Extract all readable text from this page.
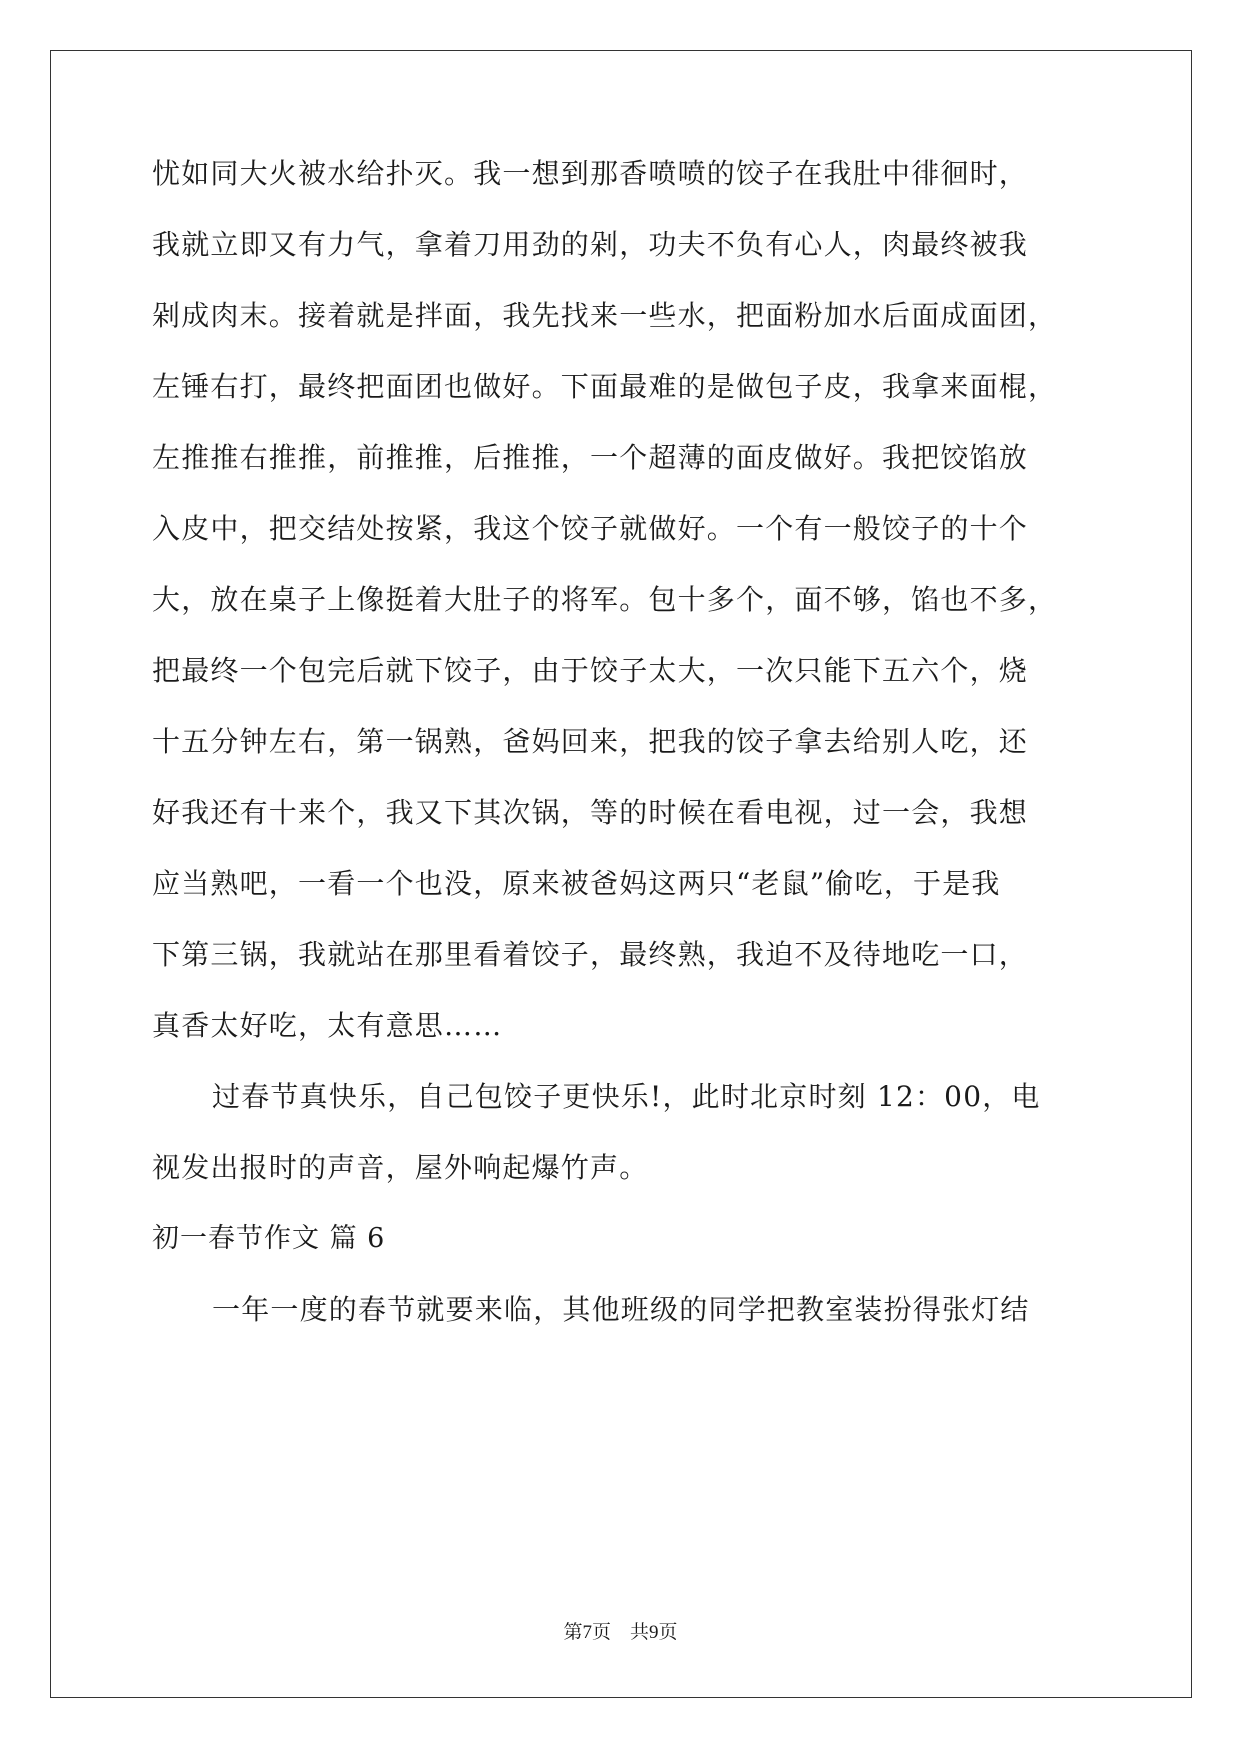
忧如同大火被水给扑灭。我一想到那香喷喷的饺子在我肚中徘徊时，
我就立即又有力气，拿着刀用劲的剁，功夫不负有心人，肉最终被我
剁成肉末。接着就是拌面，我先找来一些水，把面粉加水后面成面团，
左锤右打，最终把面团也做好。下面最难的是做包子皮，我拿来面棍，
左推推右推推，前推推，后推推，一个超薄的面皮做好。我把饺馅放
入皮中，把交结处按紧，我这个饺子就做好。一个有一般饺子的十个
大，放在桌子上像挺着大肚子的将军。包十多个，面不够，馅也不多，
把最终一个包完后就下饺子，由于饺子太大，一次只能下五六个，烧
十五分钟左右，第一锅熟，爸妈回来，把我的饺子拿去给别人吃，还
好我还有十来个，我又下其次锅，等的时候在看电视，过一会，我想
应当熟吧，一看一个也没，原来被爸妈这两只“老鼠”偷吃，于是我
下第三锅，我就站在那里看着饺子，最终熟，我迫不及待地吃一口，
真香太好吃，太有意思……
过春节真快乐，自己包饺子更快乐!，此时北京时刻 12：00，电
视发出报时的声音，屋外响起爆竹声。
初一春节作文 篇 6
一年一度的春节就要来临，其他班级的同学把教室装扮得张灯结
第7页　共9页
